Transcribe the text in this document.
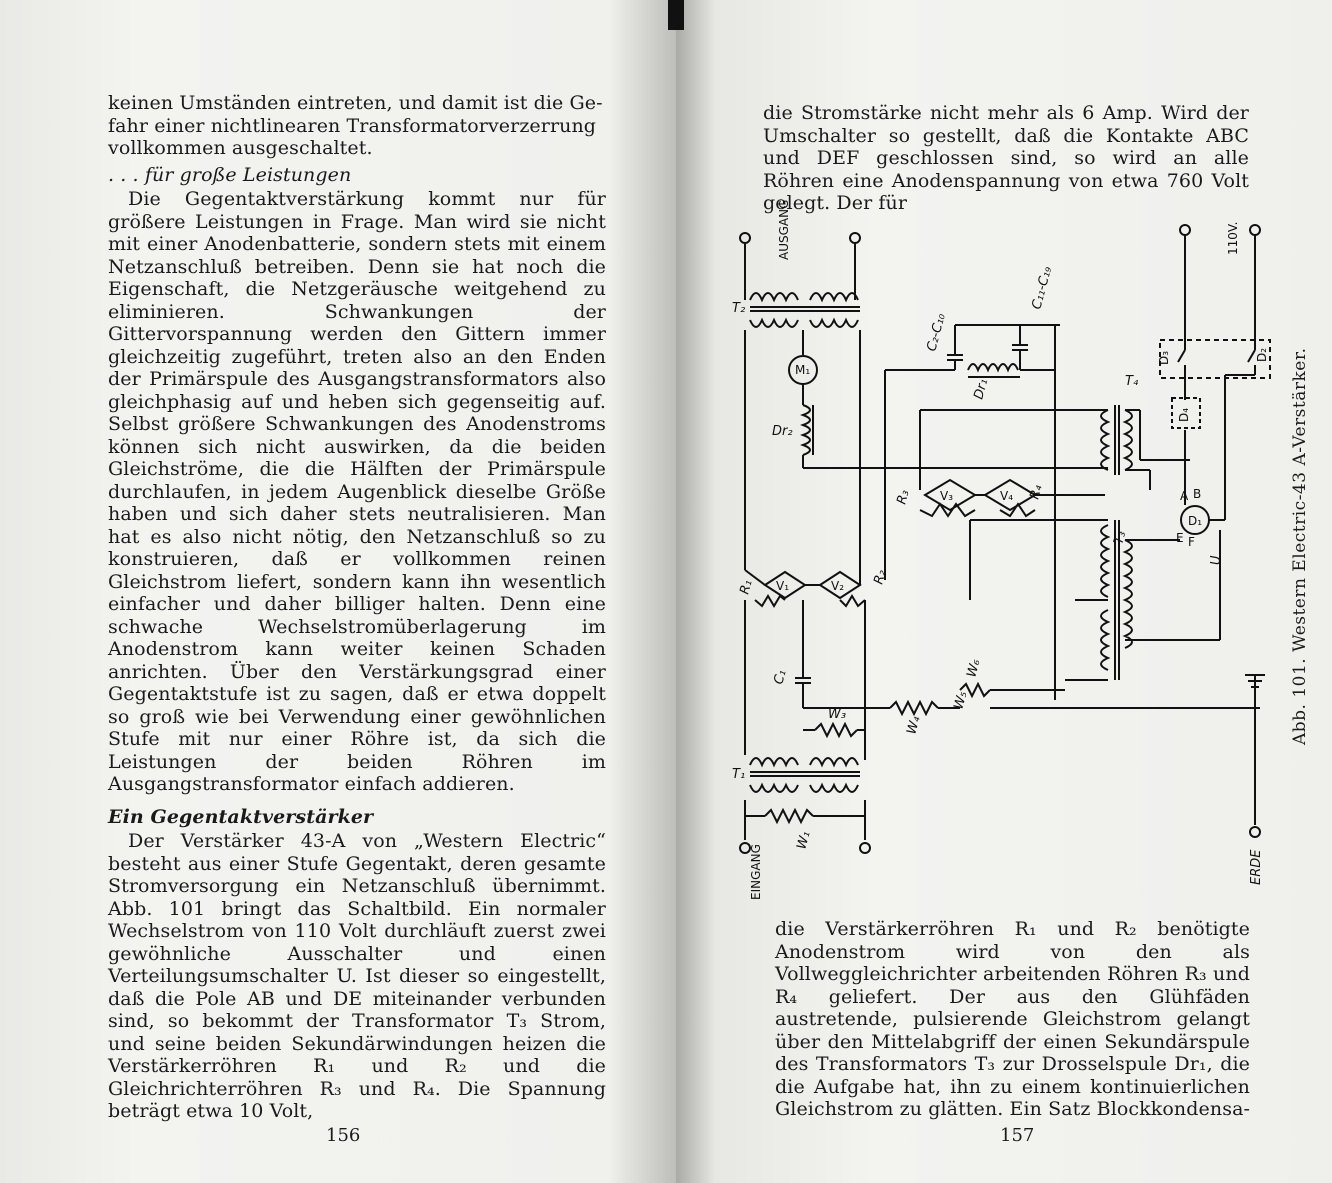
keinen Umständen eintreten, und damit ist die Ge-

fahr einer nichtlinearen Transformatorverzerrung

vollkommen ausgeschaltet.

. . . für große Leistungen

Die Gegentaktverstärkung kommt nur für größere Leistungen in Frage. Man wird sie nicht mit einer Anodenbatterie, sondern stets mit einem Netzanschluß betreiben. Denn sie hat noch die Eigenschaft, die Netzgeräusche weitgehend zu eliminieren. Schwankungen der Gittervorspannung werden den Gittern immer gleichzeitig zugeführt, treten also an den Enden der Primärspule des Ausgangstransformators also gleichphasig auf und heben sich gegenseitig auf. Selbst größere Schwankungen des Anodenstroms können sich nicht auswirken, da die beiden Gleichströme, die die Hälften der Primärspule durchlaufen, in jedem Augenblick dieselbe Größe haben und sich daher stets neutralisieren. Man hat es also nicht nötig, den Netzanschluß so zu konstruieren, daß er vollkommen reinen Gleichstrom liefert, sondern kann ihn wesentlich einfacher und daher billiger halten. Denn eine schwache Wechselstromüberlagerung im Anodenstrom kann weiter keinen Schaden anrichten. Über den Verstärkungsgrad einer Gegentaktstufe ist zu sagen, daß er etwa doppelt so groß wie bei Verwendung einer gewöhnlichen Stufe mit nur einer Röhre ist, da sich die Leistungen der beiden Röhren im Ausgangstransformator einfach addieren.

Ein Gegentaktverstärker

Der Verstärker 43-A von „Western Electric“ besteht aus einer Stufe Gegentakt, deren gesamte Stromversorgung ein Netzanschluß übernimmt. Abb. 101 bringt das Schaltbild. Ein normaler Wechselstrom von 110 Volt durchläuft zuerst zwei gewöhnliche Ausschalter und einen Verteilungsumschalter U. Ist dieser so eingestellt, daß die Pole AB und DE miteinander verbunden sind, so bekommt der Transformator T₃ Strom, und seine beiden Sekundärwindungen heizen die Verstärkerröhren R₁ und R₂ und die Gleichrichterröhren R₃ und R₄. Die Spannung beträgt etwa 10 Volt,

156

die Stromstärke nicht mehr als 6 Amp. Wird der Umschalter so gestellt, daß die Kontakte ABC und DEF geschlossen sind, so wird an alle Röhren eine Anodenspannung von etwa 760 Volt gelegt. Der für

die Verstärkerröhren R₁ und R₂ benötigte Anodenstrom wird von den als Vollweggleichrichter arbeitenden Röhren R₃ und R₄ geliefert. Der aus den Glühfäden austretende, pulsierende Gleichstrom gelangt über den Mittelabgriff der einen Sekundärspule des Transformators T₃ zur Drosselspule Dr₁, die die Aufgabe hat, ihn zu einem kontinuierlichen Gleichstrom zu glätten. Ein Satz Blockkondensa-

157
Abb. 101. Western Electric-43 A-Verstärker.
AUSGANG
T₂
M₁
Dr₂
C₂-C₁₀
Dr₁
C₁₁-C₁₉
T₄
V₃	V₄
R₃	R₄
T₃
D₁
A B
E F
U
110V.
D₃	D₂
D₄
V₁	V₂
R₁
R₂
C₁
W₄
W₅
W₆
ERDE
W₃
T₁
W₁
EINGANG
